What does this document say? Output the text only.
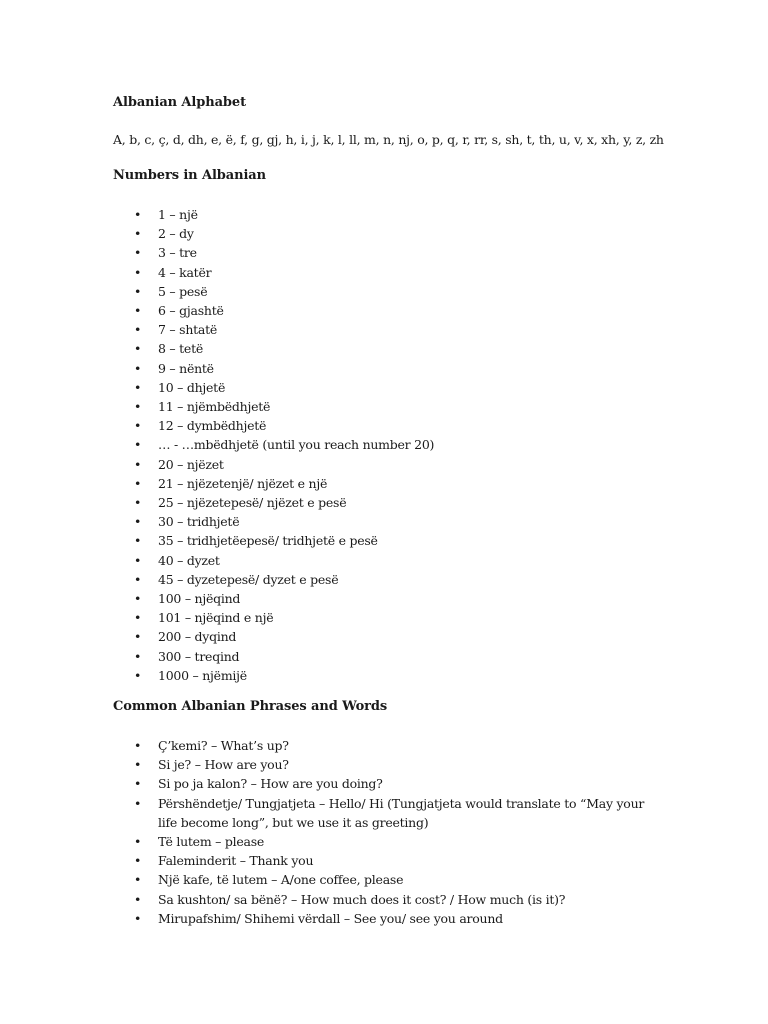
Albanian Alphabet
A, b, c, ç, d, dh, e, ë, f, g, gj, h, i, j, k, l, ll, m, n, nj, o, p, q, r, rr, s, sh, t, th, u, v, x, xh, y, z, zh
Numbers in Albanian
• 1 – një
• 2 – dy
• 3 – tre
• 4 – katër
• 5 – pesë
• 6 – gjashtë
• 7 – shtatë
• 8 – tetë
• 9 – nëntë
• 10 – dhjetë
• 11 – njëmbëdhjetë
• 12 – dymbëdhjetë
• … - …mbëdhjetë (until you reach number 20)
• 20 – njëzet
• 21 – njëzetenjë/ njëzet e një
• 25 – njëzetepesë/ njëzet e pesë
• 30 – tridhjetë
• 35 – tridhjetëepesë/ tridhjetë e pesë
• 40 – dyzet
• 45 – dyzetepesë/ dyzet e pesë
• 100 – njëqind
• 101 – njëqind e një
• 200 – dyqind
• 300 – treqind
• 1000 – njëmijë
Common Albanian Phrases and Words
• Ç’kemi? – What’s up?
• Si je? – How are you?
• Si po ja kalon? – How are you doing?
• Përshëndetje/ Tungjatjeta – Hello/ Hi (Tungjatjeta would translate to “May your life become long”, but we use it as greeting)
• Të lutem – please
• Faleminderit – Thank you
• Një kafe, të lutem – A/one coffee, please
• Sa kushton/ sa bënë? – How much does it cost? / How much (is it)?
• Mirupafshim/ Shihemi vërdall – See you/ see you around
